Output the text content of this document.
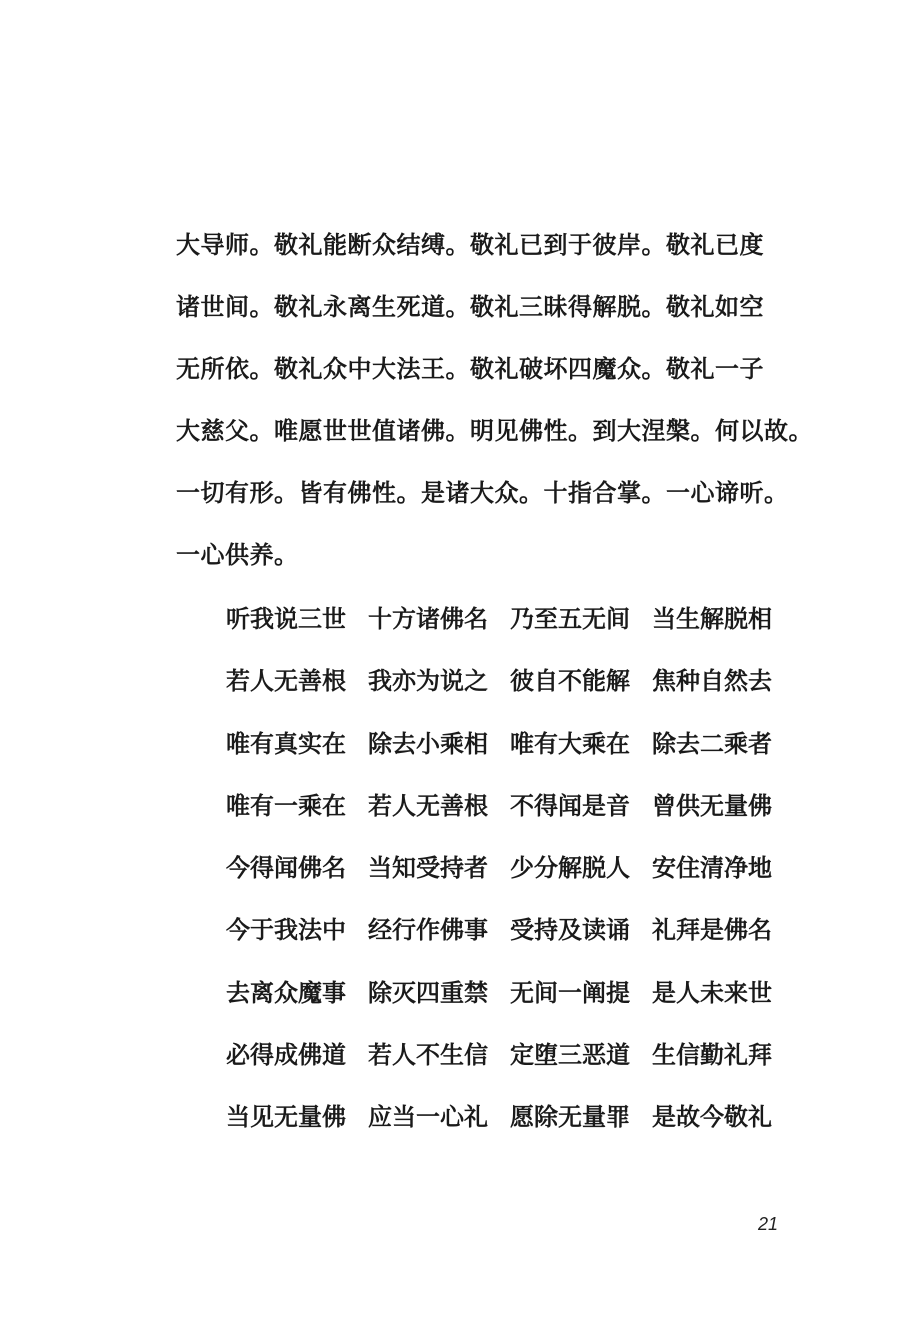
大导师。敬礼能断众结缚。敬礼已到于彼岸。敬礼已度
诸世间。敬礼永离生死道。敬礼三昧得解脱。敬礼如空
无所依。敬礼众中大法王。敬礼破坏四魔众。敬礼一子
大慈父。唯愿世世值诸佛。明见佛性。到大涅槃。何以故。
一切有形。皆有佛性。是诸大众。十指合掌。一心谛听。
一心供养。
听我说三世 十方诸佛名 乃至五无间 当生解脱相
若人无善根 我亦为说之 彼自不能解 焦种自然去
唯有真实在 除去小乘相 唯有大乘在 除去二乘者
唯有一乘在 若人无善根 不得闻是音 曾供无量佛
今得闻佛名 当知受持者 少分解脱人 安住清净地
今于我法中 经行作佛事 受持及读诵 礼拜是佛名
去离众魔事 除灭四重禁 无间一阐提 是人未来世
必得成佛道 若人不生信 定堕三恶道 生信勤礼拜
当见无量佛 应当一心礼 愿除无量罪 是故今敬礼
21
